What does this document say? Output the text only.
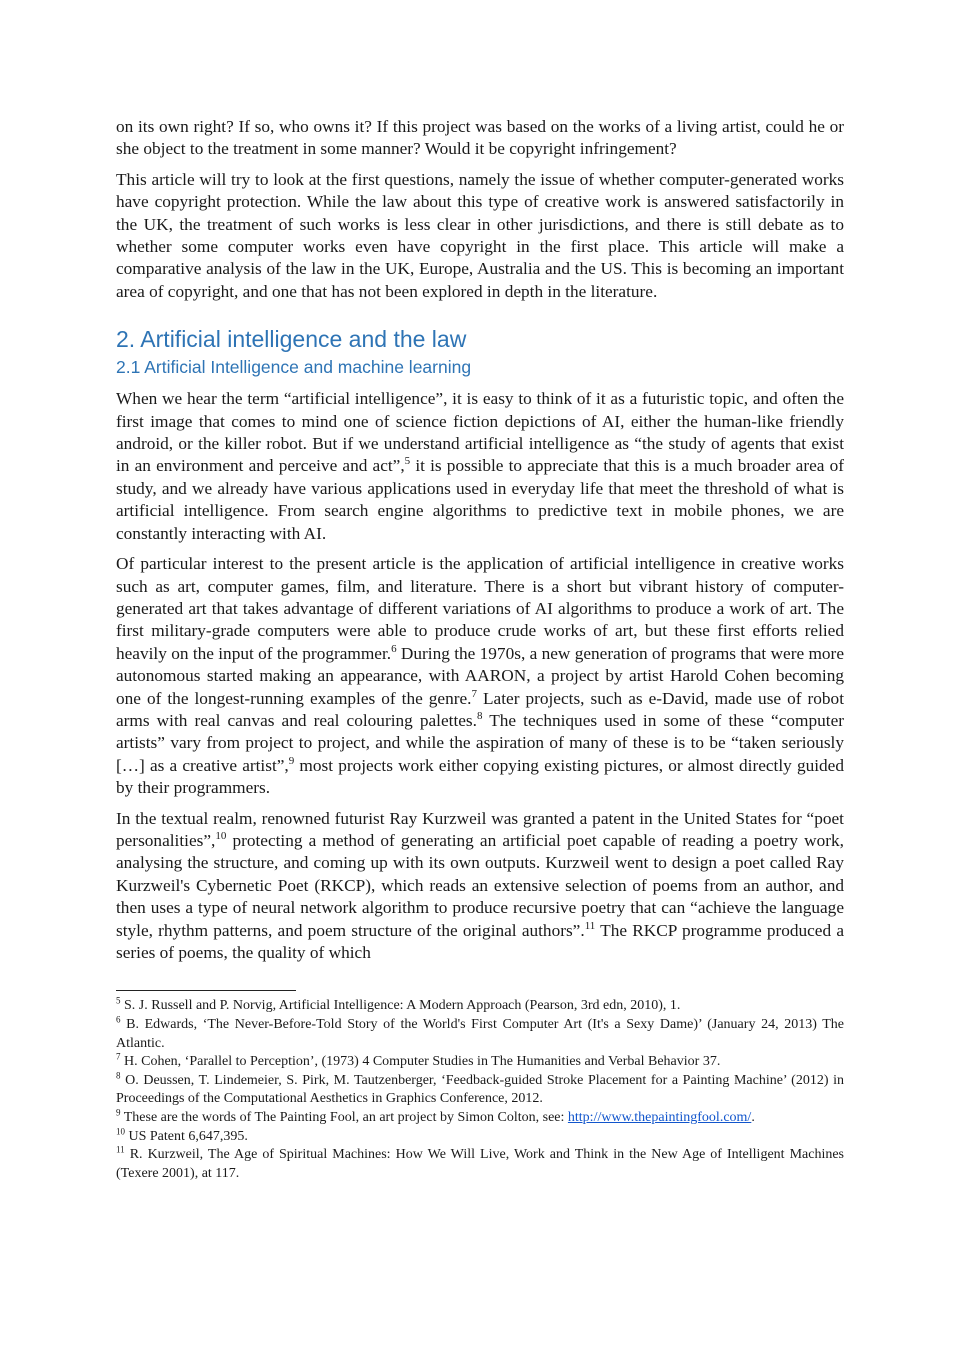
on its own right? If so, who owns it? If this project was based on the works of a living artist, could he or she object to the treatment in some manner? Would it be copyright infringement?

This article will try to look at the first questions, namely the issue of whether computer-generated works have copyright protection. While the law about this type of creative work is answered satisfactorily in the UK, the treatment of such works is less clear in other jurisdictions, and there is still debate as to whether some computer works even have copyright in the first place. This article will make a comparative analysis of the law in the UK, Europe, Australia and the US. This is becoming an important area of copyright, and one that has not been explored in depth in the literature.

2. Artificial intelligence and the law
2.1 Artificial Intelligence and machine learning

When we hear the term “artificial intelligence”, it is easy to think of it as a futuristic topic, and often the first image that comes to mind one of science fiction depictions of AI, either the human-like friendly android, or the killer robot. But if we understand artificial intelligence as “the study of agents that exist in an environment and perceive and act”,$^5$ it is possible to appreciate that this is a much broader area of study, and we already have various applications used in everyday life that meet the threshold of what is artificial intelligence. From search engine algorithms to predictive text in mobile phones, we are constantly interacting with AI.

Of particular interest to the present article is the application of artificial intelligence in creative works such as art, computer games, film, and literature. There is a short but vibrant history of computer-generated art that takes advantage of different variations of AI algorithms to produce a work of art. The first military-grade computers were able to produce crude works of art, but these first efforts relied heavily on the input of the programmer.$^6$ During the 1970s, a new generation of programs that were more autonomous started making an appearance, with AARON, a project by artist Harold Cohen becoming one of the longest-running examples of the genre.$^7$ Later projects, such as e-David, made use of robot arms with real canvas and real colouring palettes.$^8$ The techniques used in some of these “computer artists” vary from project to project, and while the aspiration of many of these is to be “taken seriously […] as a creative artist”,$^9$ most projects work either copying existing pictures, or almost directly guided by their programmers.

In the textual realm, renowned futurist Ray Kurzweil was granted a patent in the United States for “poet personalities”,$^{10}$ protecting a method of generating an artificial poet capable of reading a poetry work, analysing the structure, and coming up with its own outputs. Kurzweil went to design a poet called Ray Kurzweil's Cybernetic Poet (RKCP), which reads an extensive selection of poems from an author, and then uses a type of neural network algorithm to produce recursive poetry that can “achieve the language style, rhythm patterns, and poem structure of the original authors”.$^{11}$ The RKCP programme produced a series of poems, the quality of which

$^5$ S. J. Russell and P. Norvig, Artificial Intelligence: A Modern Approach (Pearson, 3rd edn, 2010), 1.

$^6$ B. Edwards, ‘The Never-Before-Told Story of the World's First Computer Art (It's a Sexy Dame)’ (January 24, 2013) The Atlantic.

$^7$ H. Cohen, ‘Parallel to Perception’, (1973) 4 Computer Studies in The Humanities and Verbal Behavior 37.

$^8$ O. Deussen, T. Lindemeier, S. Pirk, M. Tautzenberger, ‘Feedback-guided Stroke Placement for a Painting Machine’ (2012) in Proceedings of the Computational Aesthetics in Graphics Conference, 2012.

$^9$ These are the words of The Painting Fool, an art project by Simon Colton, see: http://www.thepaintingfool.com/.

$^{10}$ US Patent 6,647,395.

$^{11}$ R. Kurzweil, The Age of Spiritual Machines: How We Will Live, Work and Think in the New Age of Intelligent Machines (Texere 2001), at 117.
